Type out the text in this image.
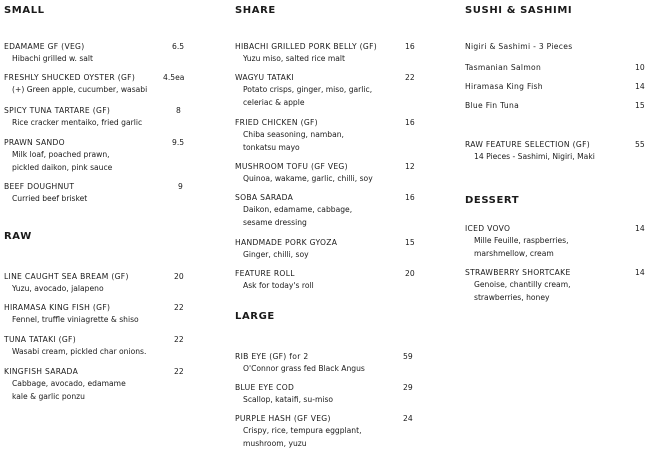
SMALL
EDAMAME GF (VEG)	6.5
Hibachi grilled w. salt
FRESHLY SHUCKED OYSTER (GF)	4.5ea
(+) Green apple, cucumber, wasabi
SPICY TUNA TARTARE (GF)	8
Rice cracker mentaiko, fried garlic
PRAWN SANDO	9.5
Milk loaf, poached prawn,
pickled daikon, pink sauce
BEEF DOUGHNUT	9
Curried beef brisket
RAW
LINE CAUGHT SEA BREAM (GF)	20
Yuzu, avocado, jalapeno
HIRAMASA KING FISH (GF)	22
Fennel, truffle viniagrette & shiso
TUNA TATAKI (GF)	22
Wasabi cream, pickled char onions.
KINGFISH SARADA	22
Cabbage, avocado, edamame
kale & garlic ponzu
SHARE
HIBACHI GRILLED PORK BELLY (GF)	16
Yuzu miso, salted rice malt
WAGYU TATAKI	22
Potato crisps, ginger, miso, garlic,
celeriac & apple
FRIED CHICKEN (GF)	16
Chiba seasoning, namban,
tonkatsu mayo
MUSHROOM TOFU (GF VEG)	12
Quinoa, wakame, garlic, chilli, soy
SOBA SARADA	16
Daikon, edamame, cabbage,
sesame dressing
HANDMADE PORK GYOZA	15
Ginger, chilli, soy
FEATURE ROLL	20
Ask for today's roll
LARGE
RIB EYE (GF) for 2	59
O'Connor grass fed Black Angus
BLUE EYE COD	29
Scallop, kataifi, su-miso
PURPLE HASH (GF VEG)	24
Crispy, rice, tempura eggplant,
mushroom, yuzu
SUSHI & SASHIMI
Nigiri & Sashimi - 3 Pieces
Tasmanian Salmon	10
Hiramasa King Fish	14
Blue Fin Tuna	15
RAW FEATURE SELECTION (GF)	55
14 Pieces - Sashimi, Nigiri, Maki
DESSERT
ICED VOVO	14
Mille Feuille, raspberries,
marshmellow, cream
STRAWBERRY SHORTCAKE	14
Genoise, chantilly cream,
strawberries, honey
